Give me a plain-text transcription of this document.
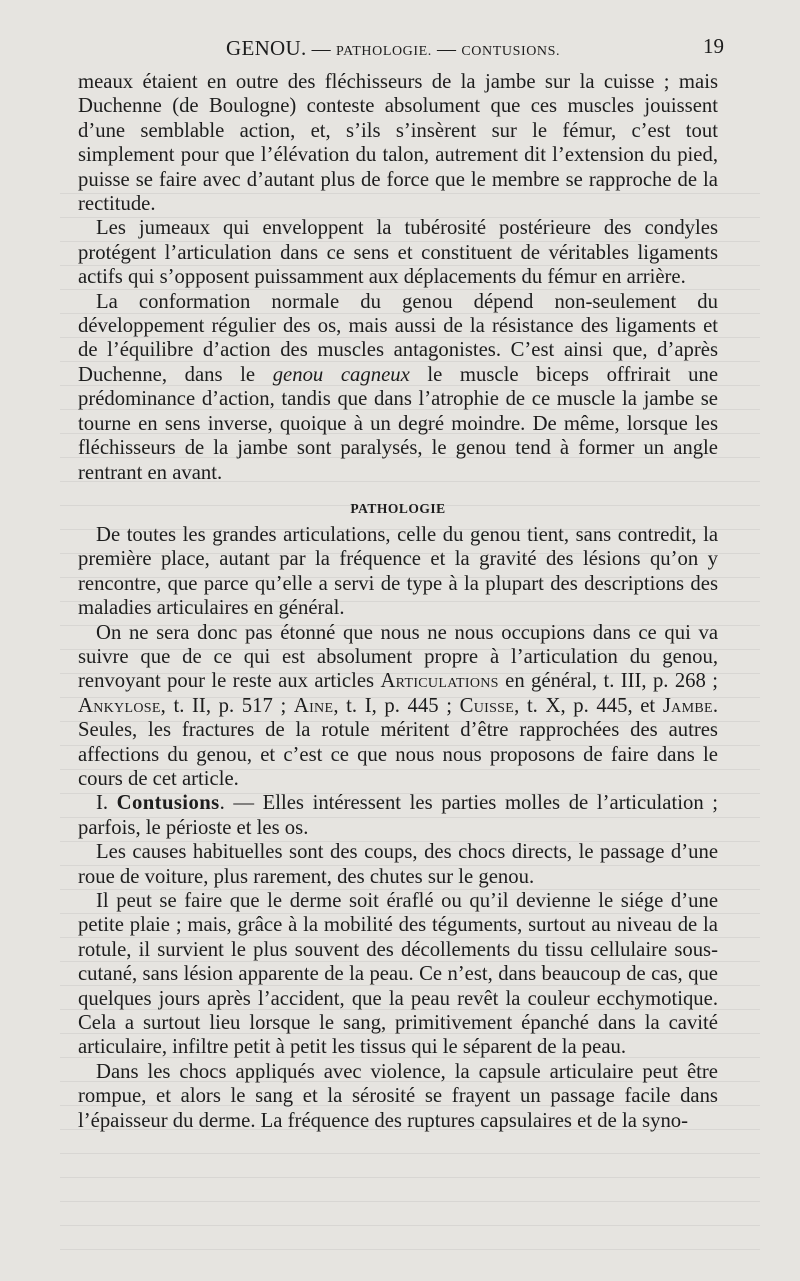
GENOU. — PATHOLOGIE. — CONTUSIONS.	19

meaux étaient en outre des fléchisseurs de la jambe sur la cuisse ; mais Duchenne (de Boulogne) conteste absolument que ces muscles jouissent d’une semblable action, et, s’ils s’insèrent sur le fémur, c’est tout simplement pour que l’élévation du talon, autrement dit l’extension du pied, puisse se faire avec d’autant plus de force que le membre se rapproche de la rectitude.

Les jumeaux qui enveloppent la tubérosité postérieure des condyles protégent l’articulation dans ce sens et constituent de véritables ligaments actifs qui s’opposent puissamment aux déplacements du fémur en arrière.

La conformation normale du genou dépend non-seulement du développement régulier des os, mais aussi de la résistance des ligaments et de l’équilibre d’action des muscles antagonistes. C’est ainsi que, d’après Duchenne, dans le genou cagneux le muscle biceps offrirait une prédominance d’action, tandis que dans l’atrophie de ce muscle la jambe se tourne en sens inverse, quoique à un degré moindre. De même, lorsque les fléchisseurs de la jambe sont paralysés, le genou tend à former un angle rentrant en avant.

PATHOLOGIE

De toutes les grandes articulations, celle du genou tient, sans contredit, la première place, autant par la fréquence et la gravité des lésions qu’on y rencontre, que parce qu’elle a servi de type à la plupart des descriptions des maladies articulaires en général.

On ne sera donc pas étonné que nous ne nous occupions dans ce qui va suivre que de ce qui est absolument propre à l’articulation du genou, renvoyant pour le reste aux articles Articulations en général, t. III, p. 268 ; Ankylose, t. II, p. 517 ; Aine, t. I, p. 445 ; Cuisse, t. X, p. 445, et Jambe. Seules, les fractures de la rotule méritent d’être rapprochées des autres affections du genou, et c’est ce que nous nous proposons de faire dans le cours de cet article.

I. Contusions. — Elles intéressent les parties molles de l’articulation ; parfois, le périoste et les os.

Les causes habituelles sont des coups, des chocs directs, le passage d’une roue de voiture, plus rarement, des chutes sur le genou.

Il peut se faire que le derme soit éraflé ou qu’il devienne le siége d’une petite plaie ; mais, grâce à la mobilité des téguments, surtout au niveau de la rotule, il survient le plus souvent des décollements du tissu cellulaire sous-cutané, sans lésion apparente de la peau. Ce n’est, dans beaucoup de cas, que quelques jours après l’accident, que la peau revêt la couleur ecchymotique. Cela a surtout lieu lorsque le sang, primitivement épanché dans la cavité articulaire, infiltre petit à petit les tissus qui le séparent de la peau.

Dans les chocs appliqués avec violence, la capsule articulaire peut être rompue, et alors le sang et la sérosité se frayent un passage facile dans l’épaisseur du derme. La fréquence des ruptures capsulaires et de la syno-
